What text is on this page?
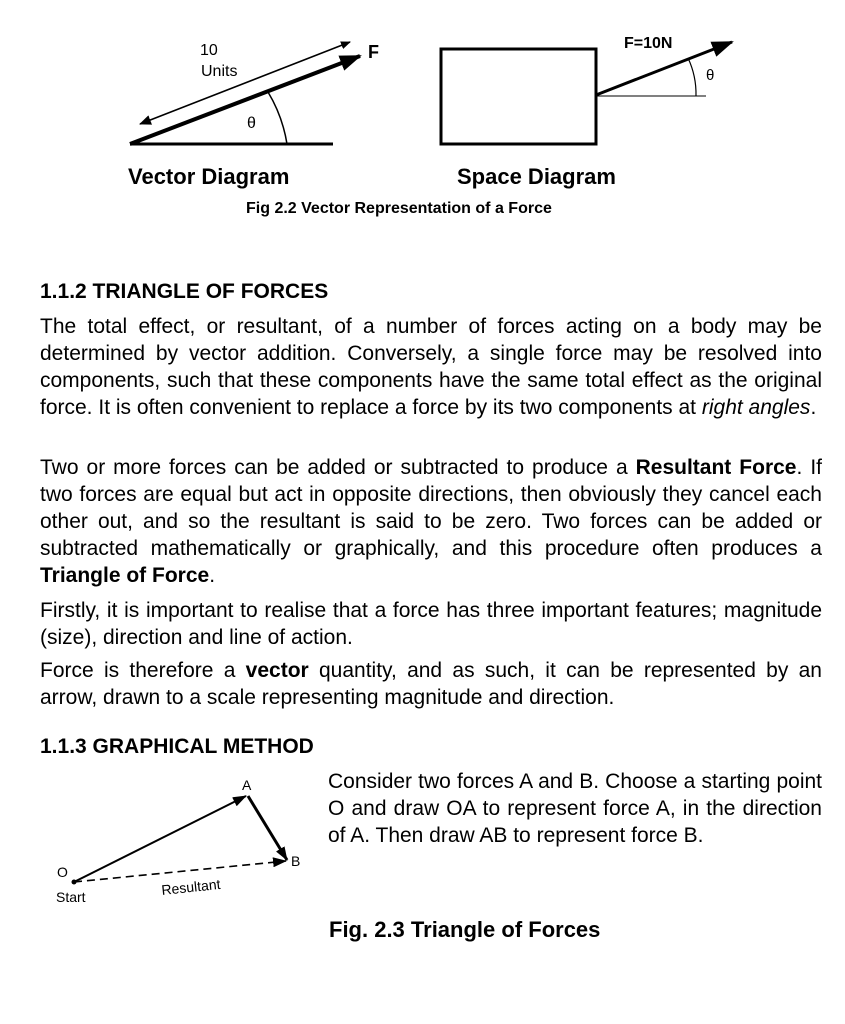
10
Units
F
θ
F=10N
θ
Vector Diagram	Space Diagram
Fig 2.2 Vector Representation of a Force
1.1.2 TRIANGLE OF FORCES

The total effect, or resultant, of a number of forces acting on a body may be determined by vector addition. Conversely, a single force may be resolved into components, such that these components have the same total effect as the original force. It is often convenient to replace a force by its two components at right angles.

Two or more forces can be added or subtracted to produce a Resultant Force. If two forces are equal but act in opposite directions, then obviously they cancel each other out, and so the resultant is said to be zero. Two forces can be added or subtracted mathematically or graphically, and this procedure often produces a Triangle of Force.

Firstly, it is important to realise that a force has three important features; magnitude (size), direction and line of action.

Force is therefore a vector quantity, and as such, it can be represented by an arrow, drawn to a scale representing magnitude and direction.

1.1.3 GRAPHICAL METHOD
O
Start
A
B
Resultant

Consider two forces A and B. Choose a starting point O and draw OA to represent force A, in the direction of A. Then draw AB to represent force B.

Fig. 2.3 Triangle of Forces
